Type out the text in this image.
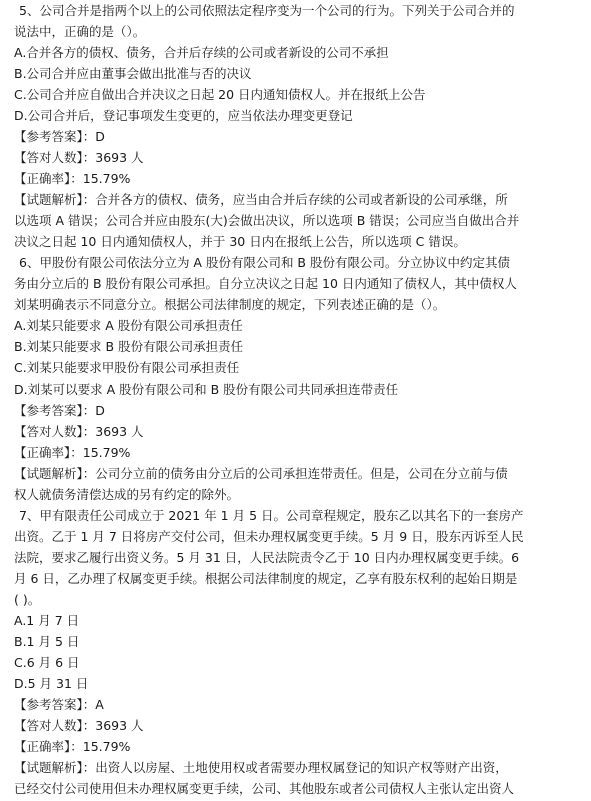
5、公司合并是指两个以上的公司依照法定程序变为一个公司的行为。下列关于公司合并的
说法中，正确的是（）。
A.合并各方的债权、债务，合并后存续的公司或者新设的公司不承担
B.公司合并应由董事会做出批准与否的决议
C.公司合并应自做出合并决议之日起 20 日内通知债权人。并在报纸上公告
D.公司合并后，登记事项发生变更的，应当依法办理变更登记
【参考答案】：D
【答对人数】：3693 人
【正确率】：15.79%
【试题解析】：合并各方的债权、债务，应当由合并后存续的公司或者新设的公司承继，所
以选项 A 错误；公司合并应由股东(大)会做出决议，所以选项 B 错误；公司应当自做出合并
决议之日起 10 日内通知债权人，并于 30 日内在报纸上公告，所以选项 C 错误。
6、甲股份有限公司依法分立为 A 股份有限公司和 B 股份有限公司。分立协议中约定其债
务由分立后的 B 股份有限公司承担。自分立决议之日起 10 日内通知了债权人，其中债权人
刘某明确表示不同意分立。根据公司法律制度的规定，下列表述正确的是（）。
A.刘某只能要求 A 股份有限公司承担责任
B.刘某只能要求 B 股份有限公司承担责任
C.刘某只能要求甲股份有限公司承担责任
D.刘某可以要求 A 股份有限公司和 B 股份有限公司共同承担连带责任
【参考答案】：D
【答对人数】：3693 人
【正确率】：15.79%
【试题解析】：公司分立前的债务由分立后的公司承担连带责任。但是，公司在分立前与债
权人就债务清偿达成的另有约定的除外。
7、甲有限责任公司成立于 2021 年 1 月 5 日。公司章程规定，股东乙以其名下的一套房产
出资。乙于 1 月 7 日将房产交付公司，但未办理权属变更手续。5 月 9 日，股东丙诉至人民
法院，要求乙履行出资义务。5 月 31 日，人民法院责令乙于 10 日内办理权属变更手续。6
月 6 日，乙办理了权属变更手续。根据公司法律制度的规定，乙享有股东权利的起始日期是
( )。
A.1 月 7 日
B.1 月 5 日
C.6 月 6 日
D.5 月 31 日
【参考答案】：A
【答对人数】：3693 人
【正确率】：15.79%
【试题解析】：出资人以房屋、土地使用权或者需要办理权属登记的知识产权等财产出资，
已经交付公司使用但未办理权属变更手续，公司、其他股东或者公司债权人主张认定出资人
